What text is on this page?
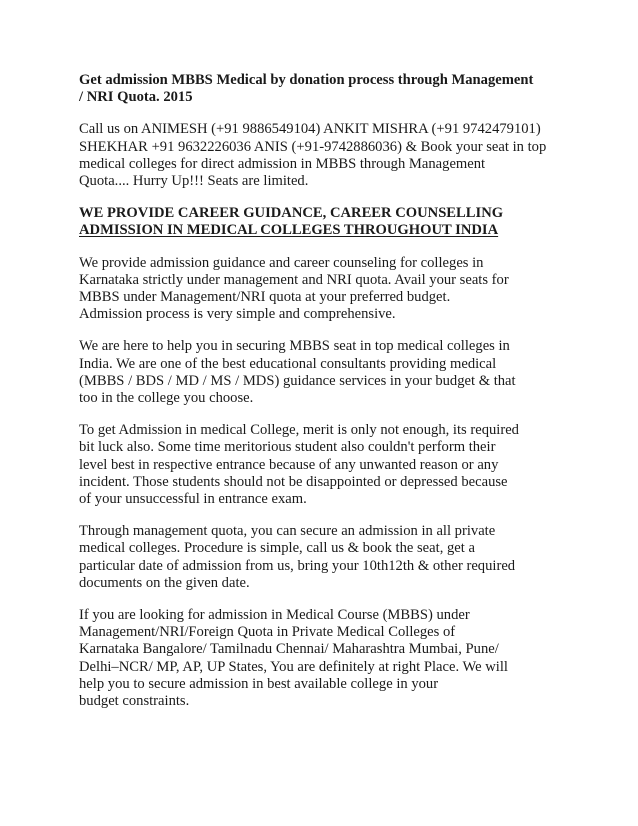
Get admission MBBS Medical by donation process through Management
/ NRI Quota. 2015
Call us on ANIMESH (+91 9886549104) ANKIT MISHRA (+91 9742479101)
SHEKHAR +91 9632226036 ANIS (+91-9742886036) & Book your seat in top
medical colleges for direct admission in MBBS through Management
Quota.... Hurry Up!!! Seats are limited.
WE PROVIDE CAREER GUIDANCE, CAREER COUNSELLING
ADMISSION IN MEDICAL COLLEGES THROUGHOUT INDIA
We provide admission guidance and career counseling for colleges in
Karnataka strictly under management and NRI quota. Avail your seats for
MBBS under Management/NRI quota at your preferred budget.
Admission process is very simple and comprehensive.
We are here to help you in securing MBBS seat in top medical colleges in
India. We are one of the best educational consultants providing medical
(MBBS / BDS / MD / MS / MDS) guidance services in your budget & that
too in the college you choose.
To get Admission in medical College, merit is only not enough, its required
bit luck also. Some time meritorious student also couldn't perform their
level best in respective entrance because of any unwanted reason or any
incident. Those students should not be disappointed or depressed because
of your unsuccessful in entrance exam.
Through management quota, you can secure an admission in all private
medical colleges. Procedure is simple, call us & book the seat, get a
particular date of admission from us, bring your 10th12th & other required
documents on the given date.
If you are looking for admission in Medical Course (MBBS) under
Management/NRI/Foreign Quota in Private Medical Colleges of
Karnataka Bangalore/ Tamilnadu Chennai/ Maharashtra Mumbai, Pune/
Delhi–NCR/ MP, AP, UP States, You are definitely at right Place. We will
help you to secure admission in best available college in your
budget constraints.
